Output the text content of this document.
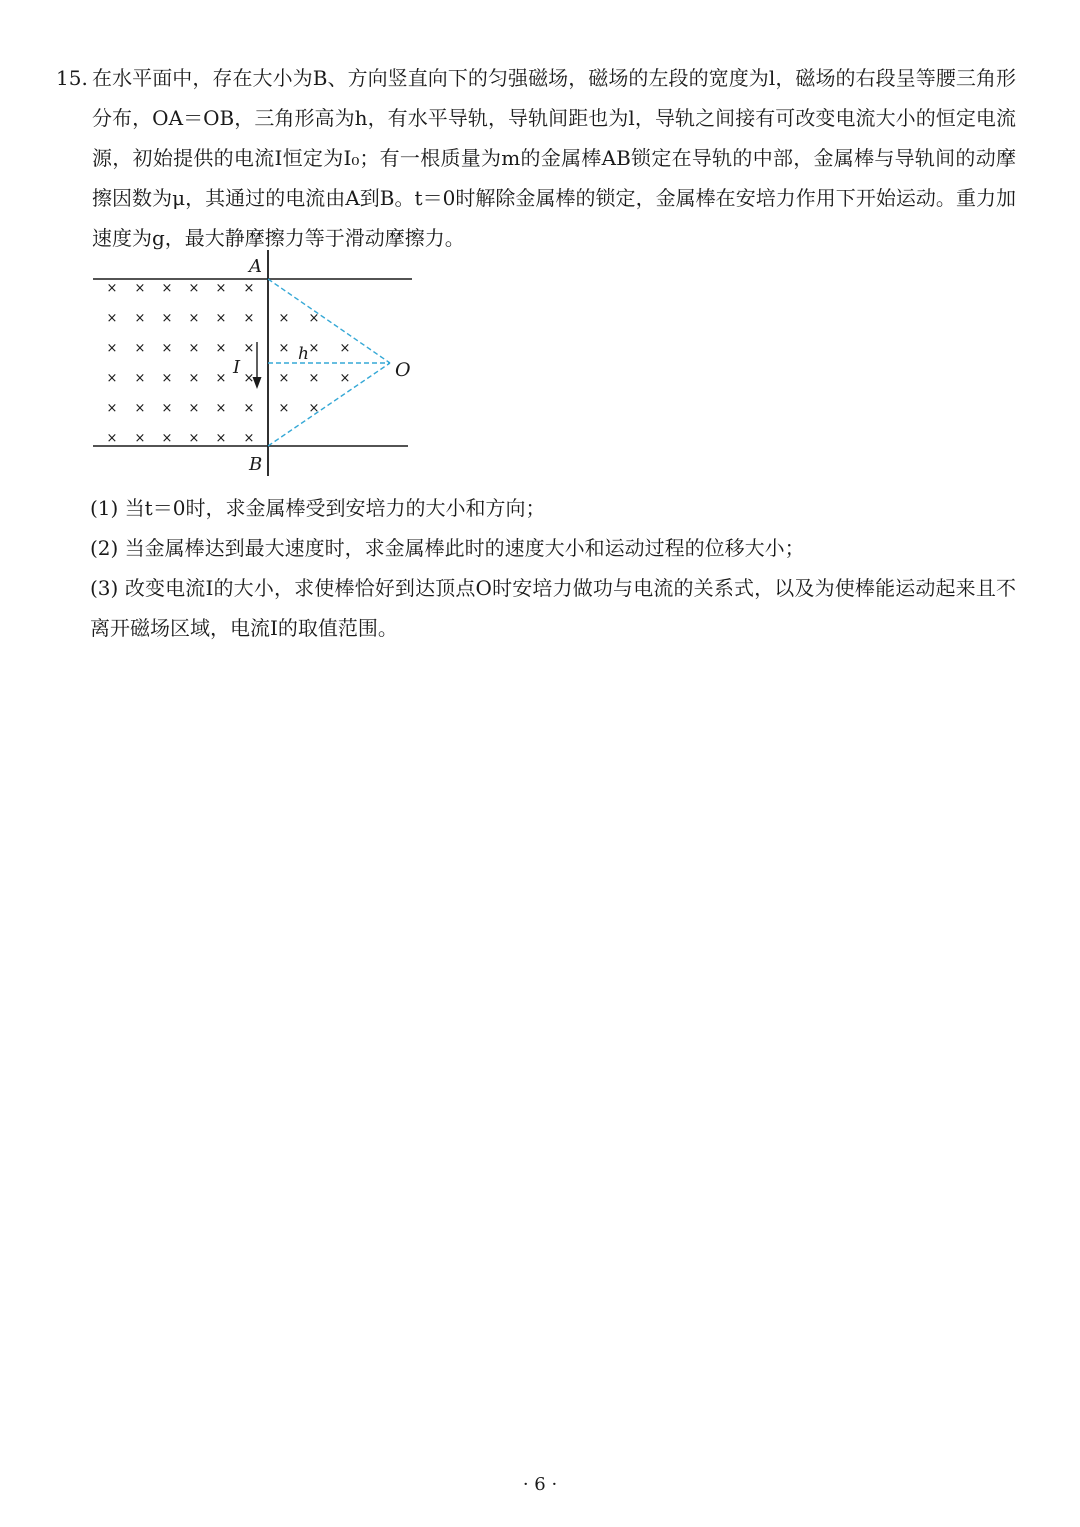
15. 在水平面中，存在大小为B、方向竖直向下的匀强磁场，磁场的左段的宽度为l，磁场的右段呈等腰三角形分布，OA＝OB，三角形高为h，有水平导轨，导轨间距也为l，导轨之间接有可改变电流大小的恒定电流源，初始提供的电流I恒定为I₀；有一根质量为m的金属棒AB锁定在导轨的中部，金属棒与导轨间的动摩擦因数为μ，其通过的电流由A到B。t＝0时解除金属棒的锁定，金属棒在安培力作用下开始运动。重力加速度为g，最大静摩擦力等于滑动摩擦力。

× × × × × ×
× × × × × ×
× × × × × ×
× × × × × ×
× × × × × ×
× × × × × ×
× ×
× × ×
× × ×
× ×
A
B
O
h
I

(1) 当t＝0时，求金属棒受到安培力的大小和方向；

(2) 当金属棒达到最大速度时，求金属棒此时的速度大小和运动过程的位移大小；

(3) 改变电流I的大小，求使棒恰好到达顶点O时安培力做功与电流的关系式，以及为使棒能运动起来且不离开磁场区域，电流I的取值范围。

· 6 ·
